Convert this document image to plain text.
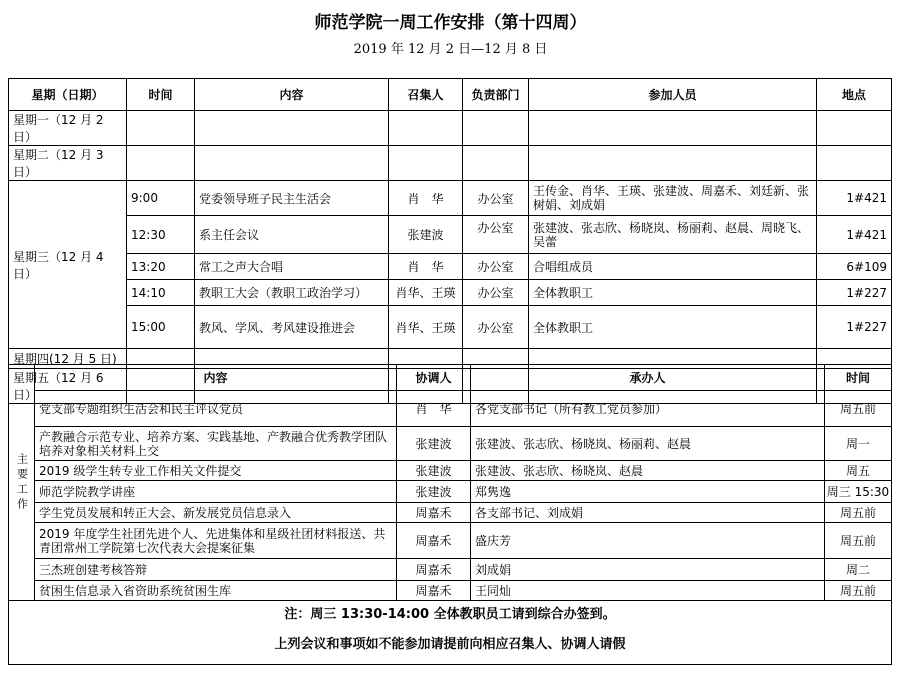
师范学院一周工作安排（第十四周）
2019 年 12 月 2 日—12 月 8 日
星期（日期）	时间	内容	召集人	负责部门	参加人员	地点
星期一（12 月 2 日）						
星期二（12 月 3 日）						
星期三（12 月 4 日）	9:00	党委领导班子民主生活会	肖　华	办公室	王传金、肖华、王瑛、张建波、周嘉禾、刘廷新、张树娟、刘成娟	1#421
	12:30	系主任会议	张建波	办公室	张建波、张志欣、杨晓岚、杨丽莉、赵晨、周晓飞、吴蕾	1#421
	13:20	常工之声大合唱	肖　华	办公室	合唱组成员	6#109
	14:10	教职工大会（教职工政治学习）	肖华、王瑛	办公室	全体教职工	1#227
	15:00	教风、学风、考风建设推进会	肖华、王瑛	办公室	全体教职工	1#227
星期四(12 月 5 日)						
星期五（12 月 6 日）						
主要工作	内容	协调人	承办人	时间
	党支部专题组织生活会和民主评议党员	肖　华	各党支部书记（所有教工党员参加）	周五前
	产教融合示范专业、培养方案、实践基地、产教融合优秀教学团队培养对象相关材料上交	张建波	张建波、张志欣、杨晓岚、杨丽莉、赵晨	周一
	2019 级学生转专业工作相关文件提交	张建波	张建波、张志欣、杨晓岚、赵晨	周五
	师范学院教学讲座	张建波	郑隽逸	周三 15:30
	学生党员发展和转正大会、新发展党员信息录入	周嘉禾	各支部书记、刘成娟	周五前
	2019 年度学生社团先进个人、先进集体和星级社团材料报送、共青团常州工学院第七次代表大会提案征集	周嘉禾	盛庆芳	周五前
	三杰班创建考核答辩	周嘉禾	刘成娟	周二
	贫困生信息录入省资助系统贫困生库	周嘉禾	王同灿	周五前

注：周三 13:30-14:00 全体教职员工请到综合办签到。
上列会议和事项如不能参加请提前向相应召集人、协调人请假				
